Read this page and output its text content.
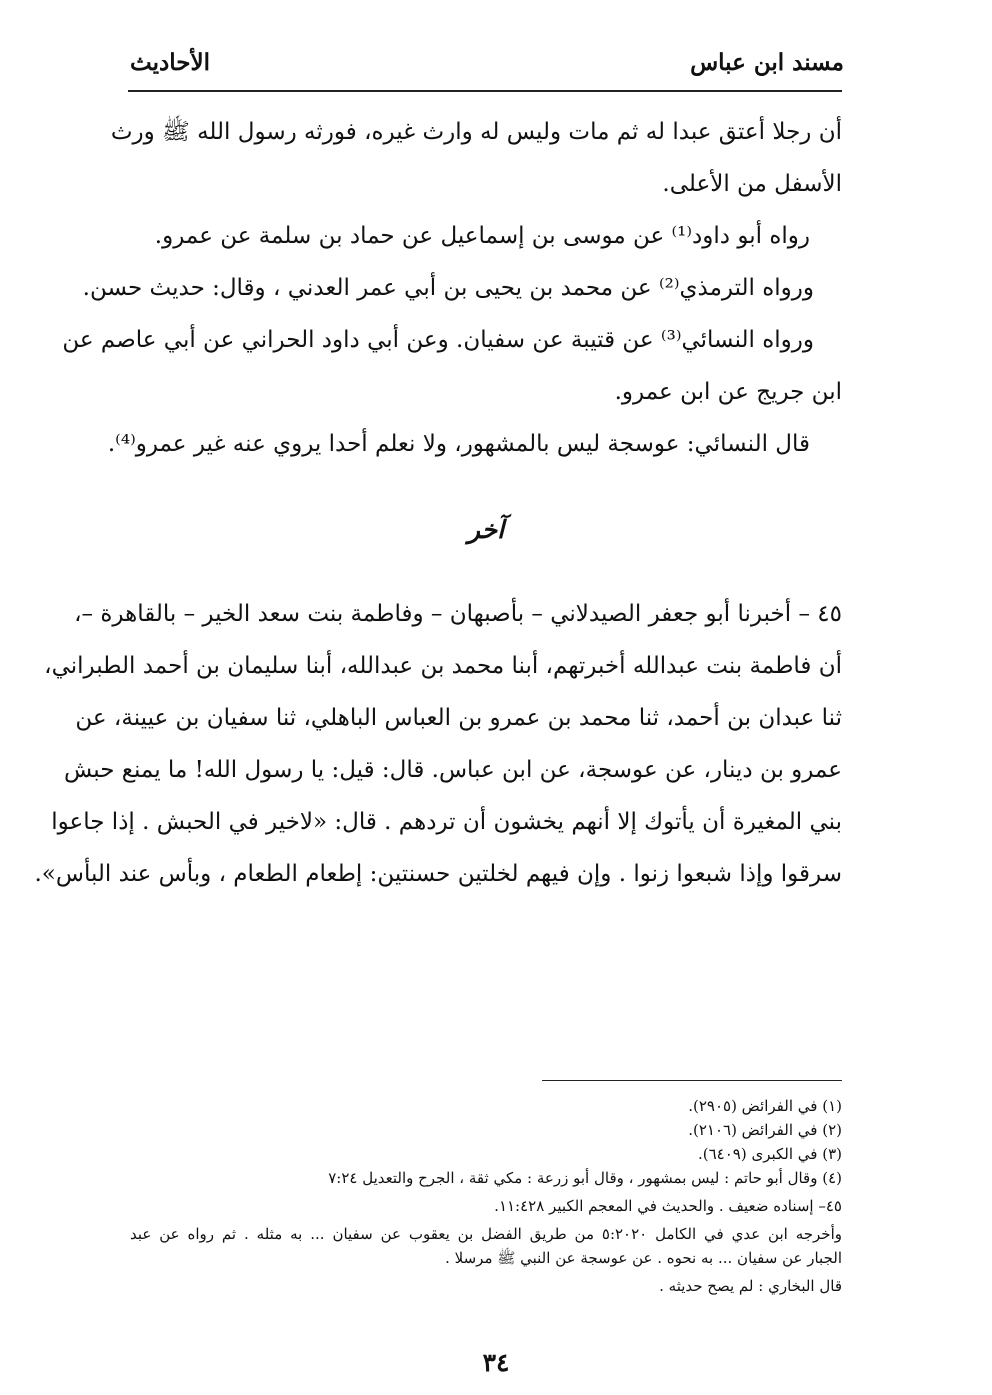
مسند ابن عباس
الأحاديث
أن رجلا أعتق عبدا له ثم مات وليس له وارث غيره، فورثه رسول الله ﷺ ورث
الأسفل من الأعلى.
رواه أبو داود⁽¹⁾ عن موسى بن إسماعيل عن حماد بن سلمة عن عمرو.
ورواه الترمذي⁽²⁾ عن محمد بن يحيى بن أبي عمر العدني ، وقال: حديث حسن.
ورواه النسائي⁽³⁾ عن قتيبة عن سفيان. وعن أبي داود الحراني عن أبي عاصم عن
ابن جريج عن ابن عمرو.
قال النسائي: عوسجة ليس بالمشهور، ولا نعلم أحدا يروي عنه غير عمرو⁽⁴⁾.
آخر
٤٥ – أخبرنا أبو جعفر الصيدلاني – بأصبهان – وفاطمة بنت سعد الخير – بالقاهرة –،
أن فاطمة بنت عبدالله أخبرتهم، أبنا محمد بن عبدالله، أبنا سليمان بن أحمد الطبراني،
ثنا عبدان بن أحمد، ثنا محمد بن عمرو بن العباس الباهلي، ثنا سفيان بن عيينة، عن
عمرو بن دينار، عن عوسجة، عن ابن عباس. قال: قيل: يا رسول الله! ما يمنع حبش
بني المغيرة أن يأتوك إلا أنهم يخشون أن تردهم . قال: «لاخير في الحبش . إذا جاعوا
سرقوا وإذا شبعوا زنوا . وإن فيهم لخلتين حسنتين: إطعام الطعام ، وبأس عند البأس».
(١) في الفرائض (٢٩٠٥).
(٢) في الفرائض (٢١٠٦).
(٣) في الكبرى (٦٤٠٩).
(٤) وقال أبو حاتم : ليس بمشهور ، وقال أبو زرعة : مكي ثقة ، الجرح والتعديل ٧:٢٤
٤٥– إسناده ضعيف . والحديث في المعجم الكبير ١١:٤٢٨.
وأخرجه ابن عدي في الكامل ٥:٢٠٢٠ من طريق الفضل بن يعقوب عن سفيان ... به مثله . ثم رواه عن عبد
الجبار عن سفيان ... به نحوه . عن عوسجة عن النبي ﷺ مرسلا .
قال البخاري : لم يصح حديثه .
٣٤
